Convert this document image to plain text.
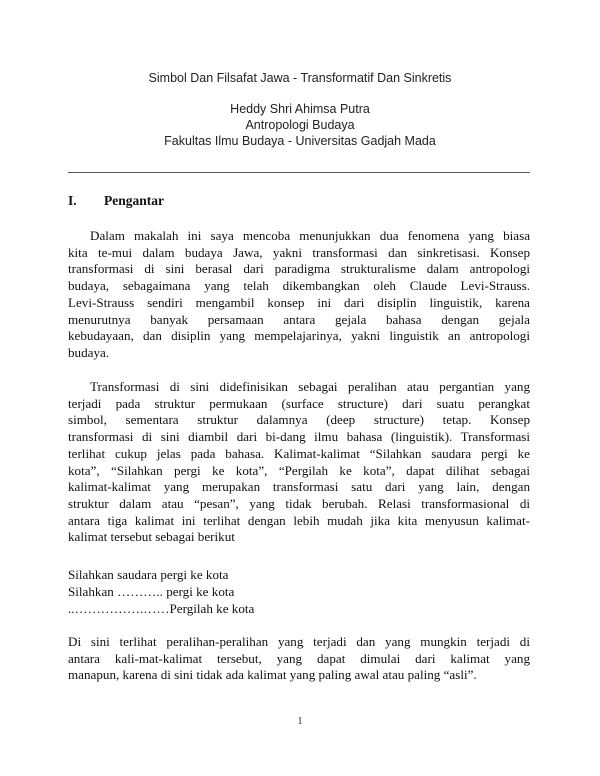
Simbol Dan Filsafat Jawa - Transformatif Dan Sinkretis
Heddy Shri Ahimsa Putra
Antropologi Budaya
Fakultas Ilmu Budaya - Universitas Gadjah Mada
I. Pengantar
Dalam makalah ini saya mencoba menunjukkan dua fenomena yang biasa
kita te-mui dalam budaya Jawa, yakni transformasi dan sinkretisasi. Konsep
transformasi di sini berasal dari paradigma strukturalisme dalam antropologi
budaya, sebagaimana yang telah dikembangkan oleh Claude Levi-Strauss.
Levi-Strauss sendiri mengambil konsep ini dari disiplin linguistik, karena
menurutnya banyak persamaan antara gejala bahasa dengan gejala
kebudayaan, dan disiplin yang mempelajarinya, yakni linguistik an antropologi
budaya.
Transformasi di sini didefinisikan sebagai peralihan atau pergantian yang
terjadi pada struktur permukaan (surface structure) dari suatu perangkat
simbol, sementara struktur dalamnya (deep structure) tetap. Konsep
transformasi di sini diambil dari bi-dang ilmu bahasa (linguistik). Transformasi
terlihat cukup jelas pada bahasa. Kalimat-kalimat “Silahkan saudara pergi ke
kota”, “Silahkan pergi ke kota”, “Pergilah ke kota”, dapat dilihat sebagai
kalimat-kalimat yang merupakan transformasi satu dari yang lain, dengan
struktur dalam atau “pesan”, yang tidak berubah. Relasi transformasional di
antara tiga kalimat ini terlihat dengan lebih mudah jika kita menyusun kalimat-
kalimat tersebut sebagai berikut
Silahkan saudara pergi ke kota
Silahkan ……….. pergi ke kota
..…………….……Pergilah ke kota
Di sini terlihat peralihan-peralihan yang terjadi dan yang mungkin terjadi di
antara kali-mat-kalimat tersebut, yang dapat dimulai dari kalimat yang
manapun, karena di sini tidak ada kalimat yang paling awal atau paling “asli”.
1
